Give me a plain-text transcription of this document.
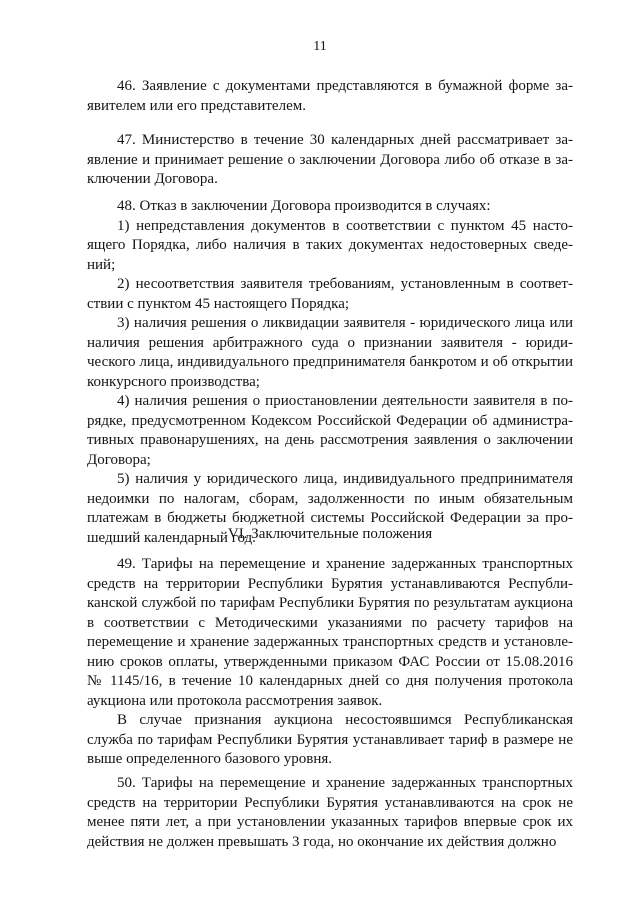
11

46. Заявление с документами представляются в бумажной форме заявителем или его представителем.

47. Министерство в течение 30 календарных дней рассматривает заявление и принимает решение о заключении Договора либо об отказе в заключении Договора.

48. Отказ в заключении Договора производится в случаях:

1) непредставления документов в соответствии с пунктом 45 настоящего Порядка, либо наличия в таких документах недостоверных сведений;

2) несоответствия заявителя требованиям, установленным в соответствии с пунктом 45 настоящего Порядка;

3) наличия решения о ликвидации заявителя - юридического лица или наличия решения арбитражного суда о признании заявителя - юридического лица, индивидуального предпринимателя банкротом и об открытии конкурсного производства;

4) наличия решения о приостановлении деятельности заявителя в порядке, предусмотренном Кодексом Российской Федерации об административных правонарушениях, на день рассмотрения заявления о заключении Договора;

5) наличия у юридического лица, индивидуального предпринимателя недоимки по налогам, сборам, задолженности по иным обязательным платежам в бюджеты бюджетной системы Российской Федерации за прошедший календарный год.

VI. Заключительные положения

49. Тарифы на перемещение и хранение задержанных транспортных средств на территории Республики Бурятия устанавливаются Республиканской службой по тарифам Республики Бурятия по результатам аукциона в соответствии с Методическими указаниями по расчету тарифов на перемещение и хранение задержанных транспортных средств и установлению сроков оплаты, утвержденными приказом ФАС России от 15.08.2016 № 1145/16, в течение 10 календарных дней со дня получения протокола аукциона или протокола рассмотрения заявок.

В случае признания аукциона несостоявшимся Республиканская служба по тарифам Республики Бурятия устанавливает тариф в размере не выше определенного базового уровня.

50. Тарифы на перемещение и хранение задержанных транспортных средств на территории Республики Бурятия устанавливаются на срок не менее пяти лет, а при установлении указанных тарифов впервые срок их действия не должен превышать 3 года, но окончание их действия должно
